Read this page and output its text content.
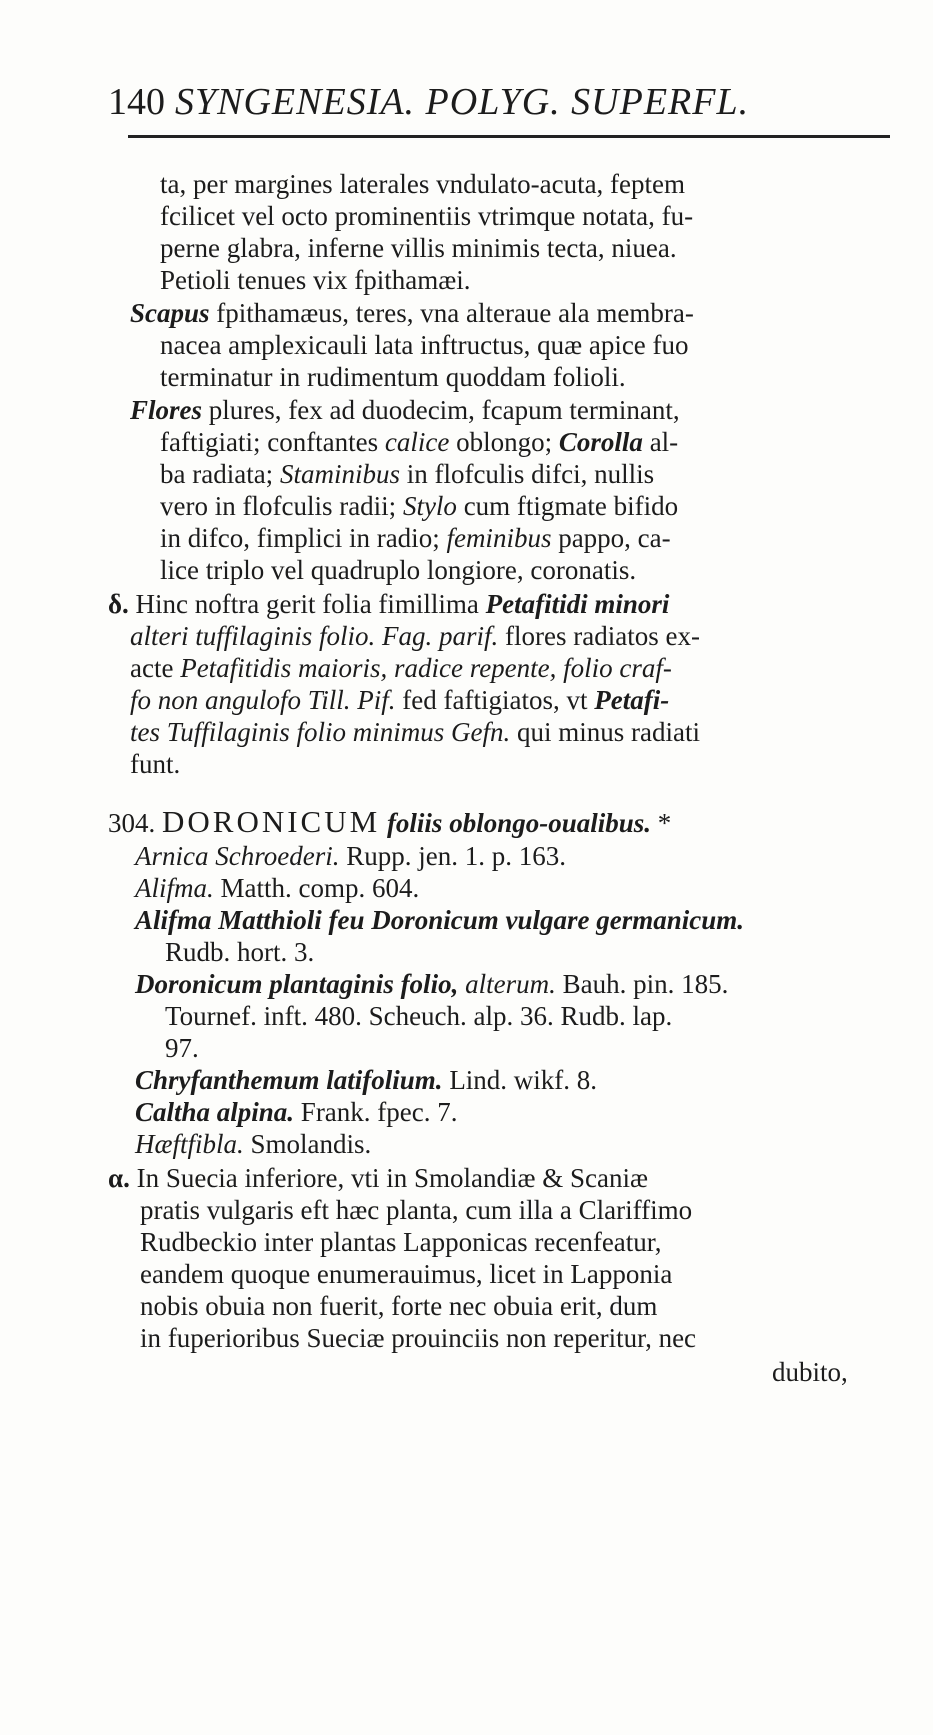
140 SYNGENESIA. POLYG. SUPERFL.
ta, per margines laterales vndulato-acuta, feptem
fcilicet vel octo prominentiis vtrimque notata, fu-
perne glabra, inferne villis minimis tecta, niuea.
Petioli tenues vix fpithamæi.
Scapus fpithamæus, teres, vna alteraue ala membra-
nacea amplexicauli lata inftructus, quæ apice fuo
terminatur in rudimentum quoddam folioli.
Flores plures, fex ad duodecim, fcapum terminant,
faftigiati; conftantes calice oblongo; Corolla al-
ba radiata; Staminibus in flofculis difci, nullis
vero in flofculis radii; Stylo cum ftigmate bifido
in difco, fimplici in radio; feminibus pappo, ca-
lice triplo vel quadruplo longiore, coronatis.
δ. Hinc noftra gerit folia fimillima Petafitidi minori
alteri tuffilaginis folio. Fag. parif. flores radiatos ex-
acte Petafitidis maioris, radice repente, folio craf-
fo non angulofo Till. Pif. fed faftigiatos, vt Petafi-
tes Tuffilaginis folio minimus Gefn. qui minus radiati
funt.
304. DORONICUM foliis oblongo-oualibus. *
Arnica Schroederi. Rupp. jen. 1. p. 163.
Alifma. Matth. comp. 604.
Alifma Matthioli feu Doronicum vulgare germanicum.
Rudb. hort. 3.
Doronicum plantaginis folio, alterum. Bauh. pin. 185.
Tournef. inft. 480. Scheuch. alp. 36. Rudb. lap.
97.
Chryfanthemum latifolium. Lind. wikf. 8.
Caltha alpina. Frank. fpec. 7.
Hæftfibla. Smolandis.
α. In Suecia inferiore, vti in Smolandiæ & Scaniæ
pratis vulgaris eft hæc planta, cum illa a Clariffimo
Rudbeckio inter plantas Lapponicas recenfeatur,
eandem quoque enumerauimus, licet in Lapponia
nobis obuia non fuerit, forte nec obuia erit, dum
in fuperioribus Sueciæ prouinciis non reperitur, nec
dubito,
